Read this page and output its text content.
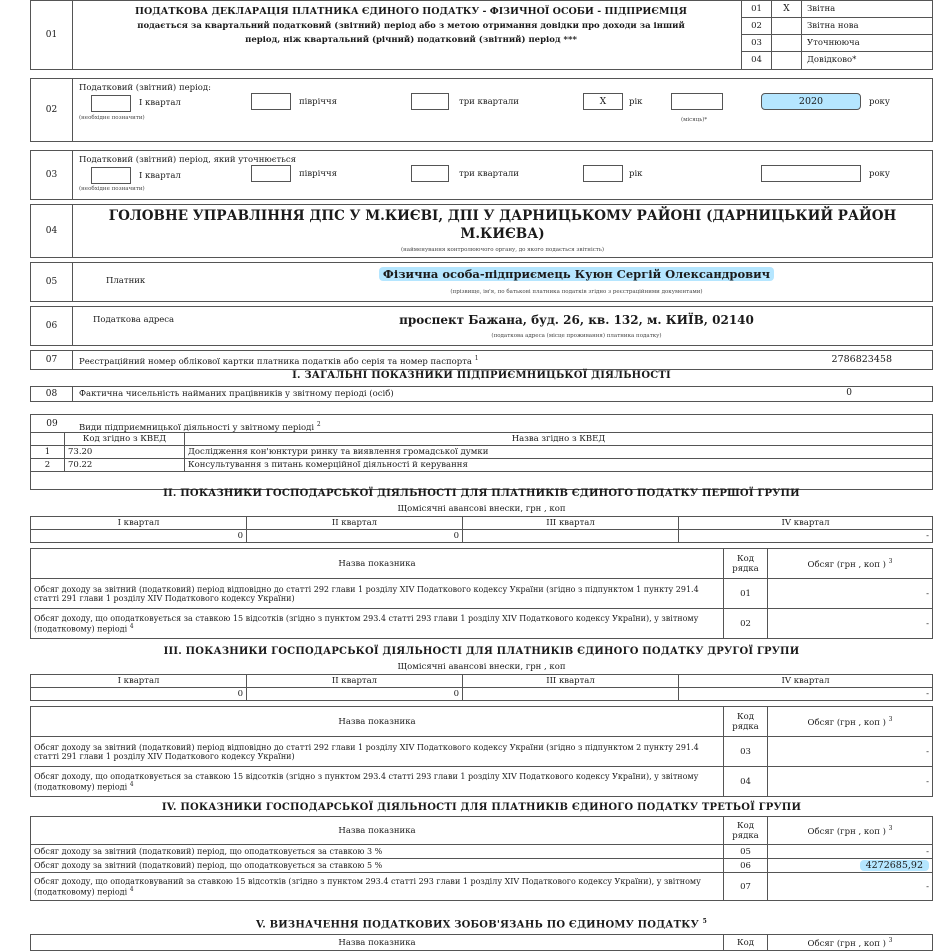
01
ПОДАТКОВА ДЕКЛАРАЦІЯ ПЛАТНИКА ЄДИНОГО ПОДАТКУ - ФІЗИЧНОЇ ОСОБИ - ПІДПРИЄМЦЯ
подається за квартальний податковий (звітний) період або з метою отримання довідки про доходи за інший
період, ніж квартальний (річний) податковий (звітний) період ***
01	X	Звітна
02	Звітна нова
03	Уточнююча
04	Довідково*
02
Податковий (звітний) період:
I квартал
(необхідне позначити)
півріччя	три квартали	X	рік
(місяць)*
2020	року
03
Податковий (звітний) період, який уточнюється
I квартал
(необхідне позначити)
півріччя	три квартали	рік	року
04
ГОЛОВНЕ УПРАВЛІННЯ ДПС У М.КИЄВІ, ДПІ У ДАРНИЦЬКОМУ РАЙОНІ (ДАРНИЦЬКИЙ РАЙОН М.КИЄВА)
(найменування контролюючого органу, до якого подається звітність)
05	Платник	Фізична особа-підприємець Куюн Сергій Олександрович
(прізвище, ім'я, по батькові платника податків згідно з реєстраційними документами)
06
Податкова адреса	проспект Бажана, буд. 26, кв. 132, м. КИЇВ, 02140
(податкова адреса (місце проживання) платника податку)
07	Реєстраційний номер облікової картки платника податків або серія та номер паспорта $^1$	2786823458
I. ЗАГАЛЬНІ ПОКАЗНИКИ ПІДПРИЄМНИЦЬКОЇ ДІЯЛЬНОСТІ
08	Фактична чисельність найманих працівників у звітному періоді (осіб)	0
09	Види підприємницької діяльності у звітному періоді $^2$
	Код згідно з КВЕД	Назва згідно з КВЕД
1	73.20	Дослідження кон'юнктури ринку та виявлення громадської думки
2	70.22	Консультування з питань комерційної діяльності й керування
II. ПОКАЗНИКИ ГОСПОДАРСЬКОЇ ДІЯЛЬНОСТІ ДЛЯ ПЛАТНИКІВ ЄДИНОГО ПОДАТКУ ПЕРШОЇ ГРУПИ
Щомісячні авансові внески, грн , коп
I квартал	II квартал	III квартал	IV квартал
0	0		-
Назва показника	Код рядка	Обсяг (грн , коп ) $^3$
Обсяг доходу за звітний (податковий) період відповідно до статті 292 глави 1 розділу XIV Податкового кодексу України (згідно з підпунктом 1 пункту 291.4 статті 291 глави 1 розділу XIV Податкового кодексу України)	01	-
Обсяг доходу, що оподатковується за ставкою 15 відсотків (згідно з пунктом 293.4 статті 293 глави 1 розділу XIV Податкового кодексу України), у звітному (податковому) періоді $^4$	02	-
III. ПОКАЗНИКИ ГОСПОДАРСЬКОЇ ДІЯЛЬНОСТІ ДЛЯ ПЛАТНИКІВ ЄДИНОГО ПОДАТКУ ДРУГОЇ ГРУПИ
Щомісячні авансові внески, грн , коп
I квартал	II квартал	III квартал	IV квартал
0	0		-
Назва показника	Код рядка	Обсяг (грн , коп ) $^3$
Обсяг доходу за звітний (податковий) період відповідно до статті 292 глави 1 розділу XIV Податкового кодексу України (згідно з підпунктом 2 пункту 291.4 статті 291 глави 1 розділу XIV Податкового кодексу України)	03	-
Обсяг доходу, що оподатковується за ставкою 15 відсотків (згідно з пунктом 293.4 статті 293 глави 1 розділу XIV Податкового кодексу України), у звітному (податковому) періоді $^4$	04	-
IV. ПОКАЗНИКИ ГОСПОДАРСЬКОЇ ДІЯЛЬНОСТІ ДЛЯ ПЛАТНИКІВ ЄДИНОГО ПОДАТКУ ТРЕТЬОЇ ГРУПИ
Назва показника	Код рядка	Обсяг (грн , коп ) $^3$
Обсяг доходу за звітний (податковий) період, що оподатковується за ставкою 3 %	05	-
Обсяг доходу за звітний (податковий) період, що оподатковується за ставкою 5 %	06	4272685,92
Обсяг доходу, що оподатковуваний за ставкою 15 відсотків (згідно з пунктом 293.4 статті 293 глави 1 розділу XIV Податкового кодексу України), у звітному (податковому) періоді $^4$	07	-
V. ВИЗНАЧЕННЯ ПОДАТКОВИХ ЗОБОВ'ЯЗАНЬ ПО ЄДИНОМУ ПОДАТКУ $^5$
Назва показника	Код	Обсяг (грн , коп ) $^3$
